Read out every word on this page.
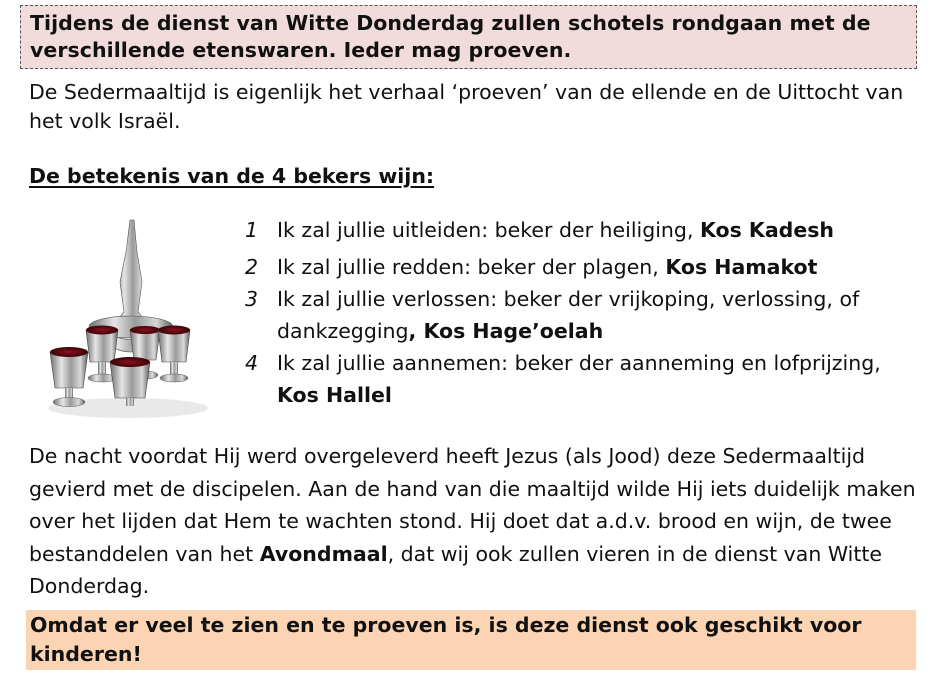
Tijdens de dienst van Witte Donderdag zullen schotels rondgaan met de verschillende etenswaren. Ieder mag proeven.

De Sedermaaltijd is eigenlijk het verhaal ‘proeven’ van de ellende en de Uittocht van het volk Israël.

De betekenis van de 4 bekers wijn:
1 Ik zal jullie uitleiden: beker der heiliging, Kos Kadesh
2 Ik zal jullie redden: beker der plagen, Kos Hamakot
3 Ik zal jullie verlossen: beker der vrijkoping, verlossing, of dankzegging, Kos Hage’oelah
4 Ik zal jullie aannemen: beker der aanneming en lofprijzing, Kos Hallel

De nacht voordat Hij werd overgeleverd heeft Jezus (als Jood) deze Sedermaaltijd gevierd met de discipelen. Aan de hand van die maaltijd wilde Hij iets duidelijk maken over het lijden dat Hem te wachten stond. Hij doet dat a.d.v. brood en wijn, de twee bestanddelen van het Avondmaal, dat wij ook zullen vieren in de dienst van Witte Donderdag.

Omdat er veel te zien en te proeven is, is deze dienst ook geschikt voor kinderen!
